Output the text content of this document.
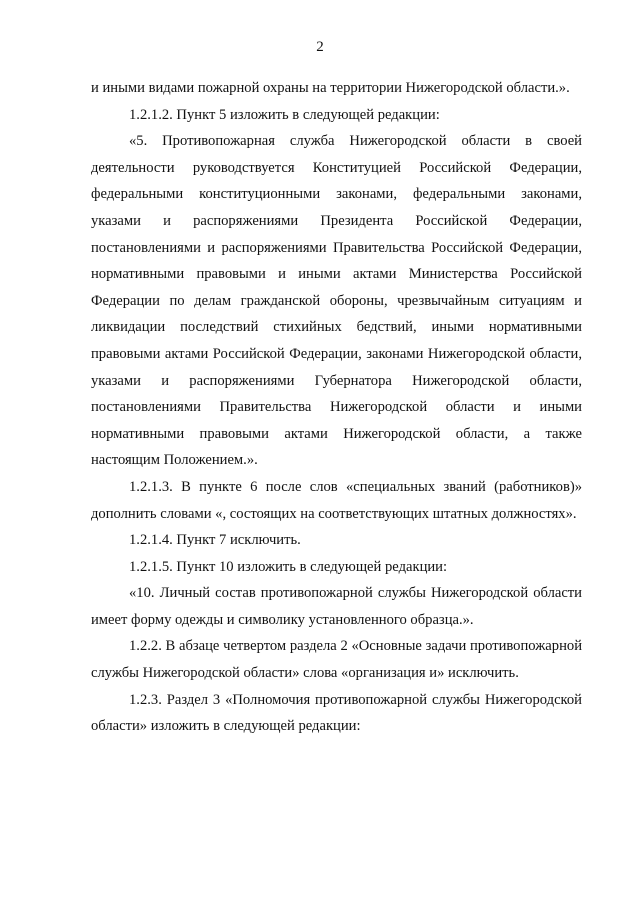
2

и иными видами пожарной охраны на территории Нижегородской области.».

1.2.1.2. Пункт 5 изложить в следующей редакции:

«5. Противопожарная служба Нижегородской области в своей деятельности руководствуется Конституцией Российской Федерации, федеральными конституционными законами, федеральными законами, указами и распоряжениями Президента Российской Федерации, постановлениями и распоряжениями Правительства Российской Федерации, нормативными правовыми и иными актами Министерства Российской Федерации по делам гражданской обороны, чрезвычайным ситуациям и ликвидации последствий стихийных бедствий, иными нормативными правовыми актами Российской Федерации, законами Нижегородской области, указами и распоряжениями Губернатора Нижегородской области, постановлениями Правительства Нижегородской области и иными нормативными правовыми актами Нижегородской области, а также настоящим Положением.».

1.2.1.3. В пункте 6 после слов «специальных званий (работников)» дополнить словами «, состоящих на соответствующих штатных должностях».

1.2.1.4. Пункт 7 исключить.

1.2.1.5. Пункт 10 изложить в следующей редакции:

«10. Личный состав противопожарной службы Нижегородской области имеет форму одежды и символику установленного образца.».

1.2.2. В абзаце четвертом раздела 2 «Основные задачи противопожарной службы Нижегородской области» слова «организация и» исключить.

1.2.3. Раздел 3 «Полномочия противопожарной службы Нижегородской области» изложить в следующей редакции:
